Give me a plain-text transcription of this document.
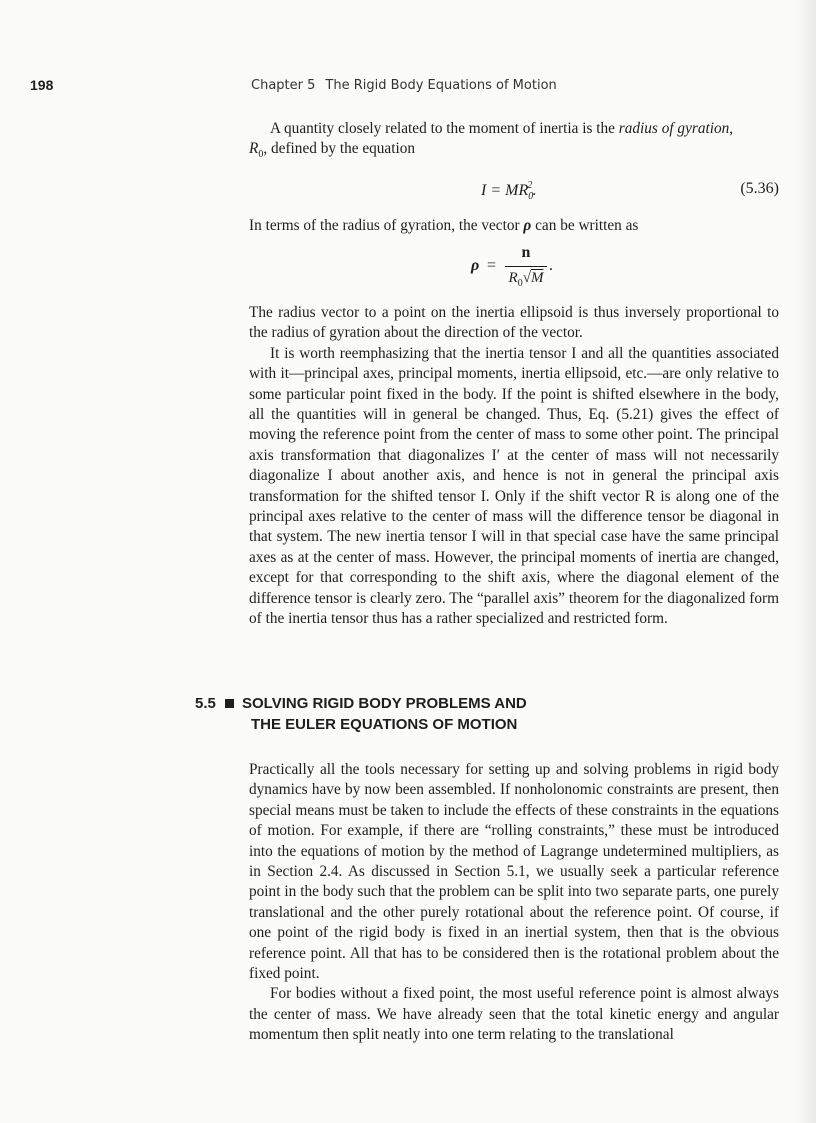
198	Chapter 5 The Rigid Body Equations of Motion

A quantity closely related to the moment of inertia is the radius of gyration,
$R_0$, defined by the equation

$I = MR_0^2$.	(5.36)

In terms of the radius of gyration, the vector ρ can be written as

ρ =
n
$R_0√M$
.

The radius vector to a point on the inertia ellipsoid is thus inversely proportional to the radius of gyration about the direction of the vector.

It is worth reemphasizing that the inertia tensor I and all the quantities associated with it—principal axes, principal moments, inertia ellipsoid, etc.—are only relative to some particular point fixed in the body. If the point is shifted elsewhere in the body, all the quantities will in general be changed. Thus, Eq. (5.21) gives the effect of moving the reference point from the center of mass to some other point. The principal axis transformation that diagonalizes I′ at the center of mass will not necessarily diagonalize I about another axis, and hence is not in general the principal axis transformation for the shifted tensor I. Only if the shift vector R is along one of the principal axes relative to the center of mass will the difference tensor be diagonal in that system. The new inertia tensor I will in that special case have the same principal axes as at the center of mass. However, the principal moments of inertia are changed, except for that corresponding to the shift axis, where the diagonal element of the difference tensor is clearly zero. The “parallel axis” theorem for the diagonalized form of the inertia tensor thus has a rather specialized and restricted form.

5.5 SOLVING RIGID BODY PROBLEMS AND
THE EULER EQUATIONS OF MOTION

Practically all the tools necessary for setting up and solving problems in rigid body dynamics have by now been assembled. If nonholonomic constraints are present, then special means must be taken to include the effects of these constraints in the equations of motion. For example, if there are “rolling constraints,” these must be introduced into the equations of motion by the method of Lagrange undetermined multipliers, as in Section 2.4. As discussed in Section 5.1, we usually seek a particular reference point in the body such that the problem can be split into two separate parts, one purely translational and the other purely rotational about the reference point. Of course, if one point of the rigid body is fixed in an inertial system, then that is the obvious reference point. All that has to be considered then is the rotational problem about the fixed point.

For bodies without a fixed point, the most useful reference point is almost always the center of mass. We have already seen that the total kinetic energy and angular momentum then split neatly into one term relating to the translational
